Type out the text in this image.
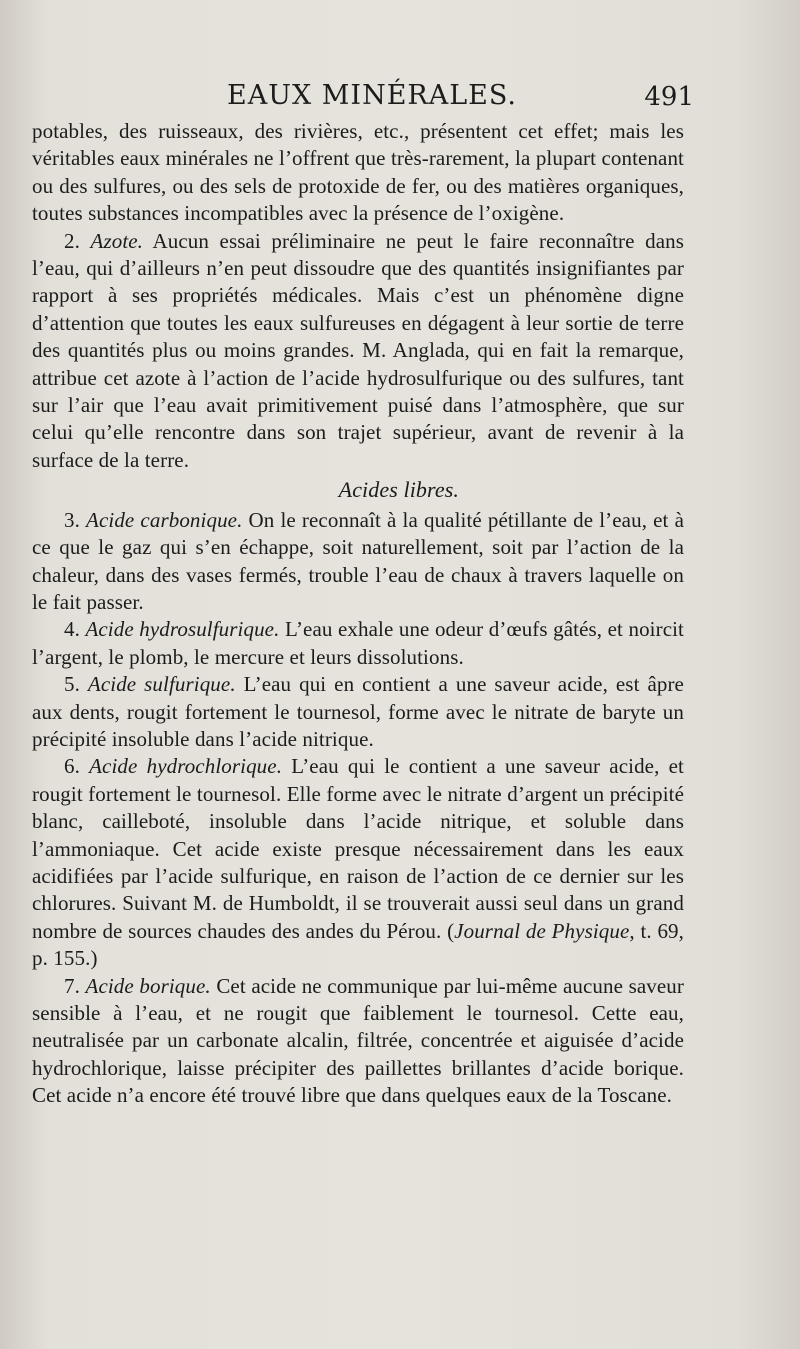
EAUX MINÉRALES.	491

potables, des ruisseaux, des rivières, etc., présentent cet effet; mais les véritables eaux minérales ne l’offrent que très-rarement, la plupart contenant ou des sulfures, ou des sels de protoxide de fer, ou des matières organiques, toutes substances incompatibles avec la présence de l’oxigène.

2. Azote. Aucun essai préliminaire ne peut le faire reconnaître dans l’eau, qui d’ailleurs n’en peut dissoudre que des quantités insignifiantes par rapport à ses propriétés médicales. Mais c’est un phénomène digne d’attention que toutes les eaux sulfureuses en dégagent à leur sortie de terre des quantités plus ou moins grandes. M. Anglada, qui en fait la remarque, attribue cet azote à l’action de l’acide hydrosulfurique ou des sulfures, tant sur l’air que l’eau avait primitivement puisé dans l’atmosphère, que sur celui qu’elle rencontre dans son trajet supérieur, avant de revenir à la surface de la terre.

Acides libres.

3. Acide carbonique. On le reconnaît à la qualité pétillante de l’eau, et à ce que le gaz qui s’en échappe, soit naturellement, soit par l’action de la chaleur, dans des vases fermés, trouble l’eau de chaux à travers laquelle on le fait passer.

4. Acide hydrosulfurique. L’eau exhale une odeur d’œufs gâtés, et noircit l’argent, le plomb, le mercure et leurs dissolutions.

5. Acide sulfurique. L’eau qui en contient a une saveur acide, est âpre aux dents, rougit fortement le tournesol, forme avec le nitrate de baryte un précipité insoluble dans l’acide nitrique.

6. Acide hydrochlorique. L’eau qui le contient a une saveur acide, et rougit fortement le tournesol. Elle forme avec le nitrate d’argent un précipité blanc, cailleboté, insoluble dans l’acide nitrique, et soluble dans l’ammoniaque. Cet acide existe presque nécessairement dans les eaux acidifiées par l’acide sulfurique, en raison de l’action de ce dernier sur les chlorures. Suivant M. de Humboldt, il se trouverait aussi seul dans un grand nombre de sources chaudes des andes du Pérou. (Journal de Physique, t. 69, p. 155.)

7. Acide borique. Cet acide ne communique par lui-même aucune saveur sensible à l’eau, et ne rougit que faiblement le tournesol. Cette eau, neutralisée par un carbonate alcalin, filtrée, concentrée et aiguisée d’acide hydrochlorique, laisse précipiter des paillettes brillantes d’acide borique. Cet acide n’a encore été trouvé libre que dans quelques eaux de la Toscane.
